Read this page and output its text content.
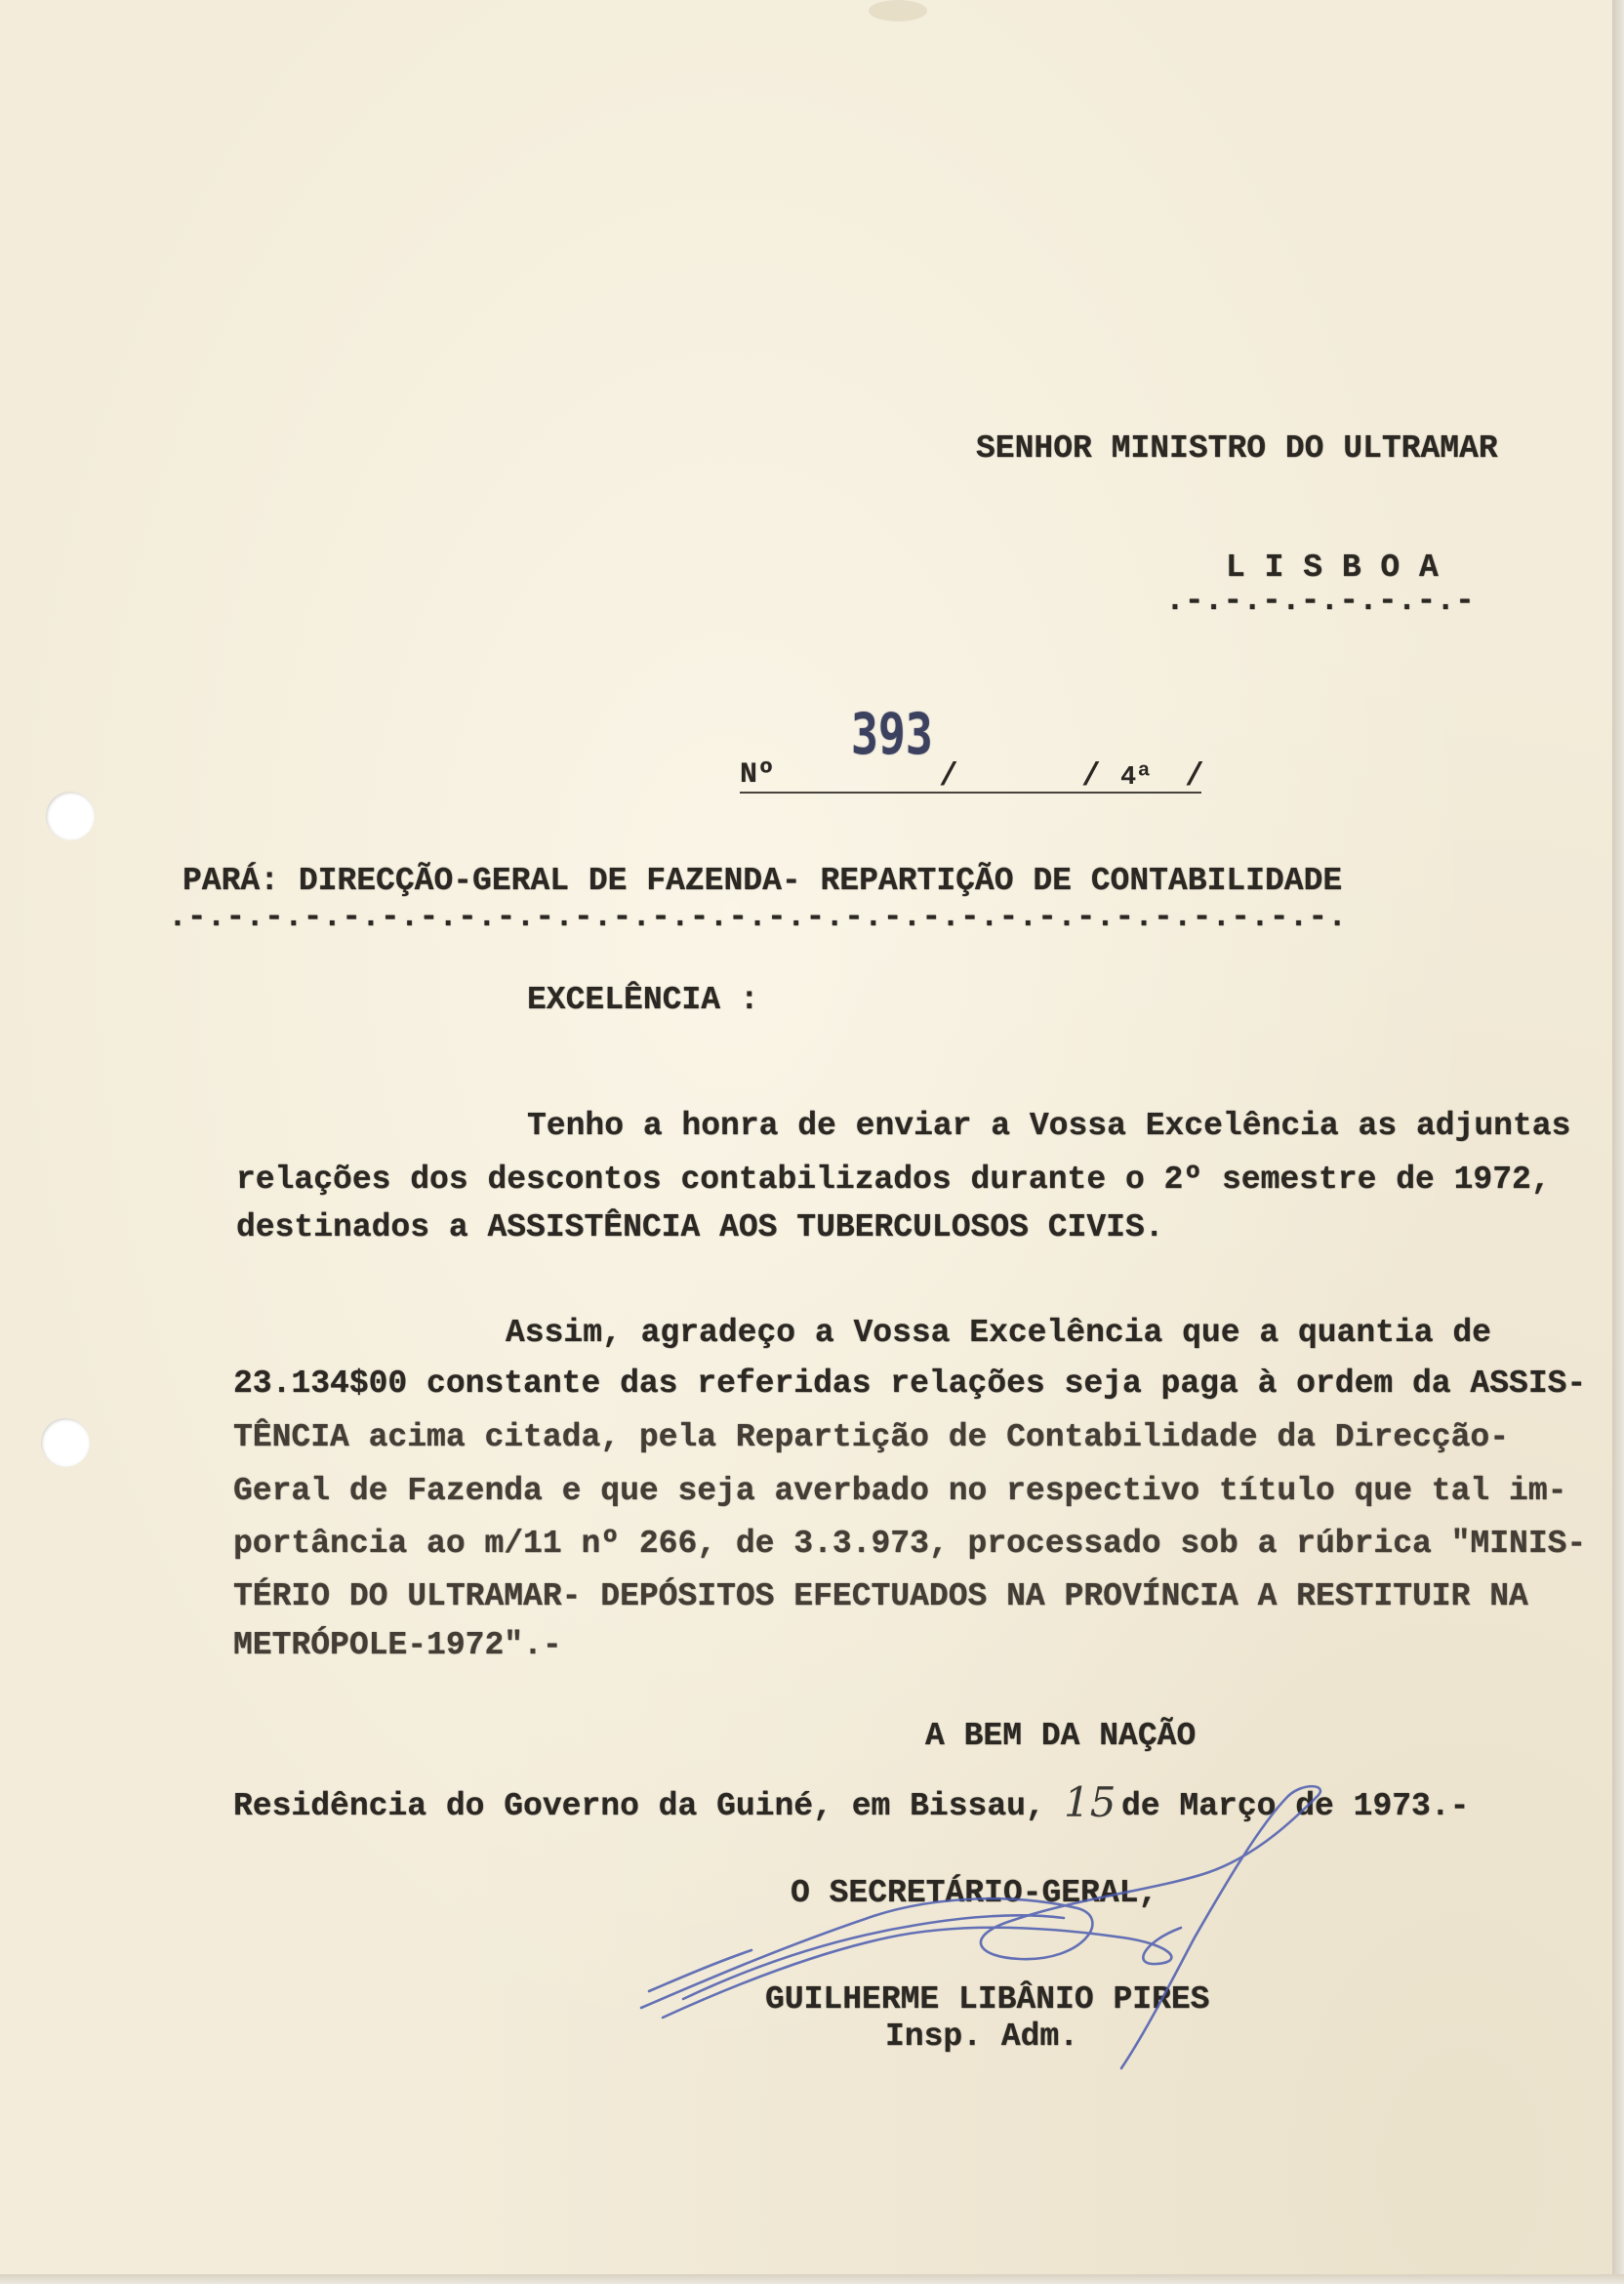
SENHOR MINISTRO DO ULTRAMAR
L I S B O A
.-.-.-.-.-.-.-.-
393
Nº	/	/ 4ª /
PARÁ: DIRECÇÃO-GERAL DE FAZENDA- REPARTIÇÃO DE CONTABILIDADE
.-.-.-.-.-.-.-.-.-.-.-.-.-.-.-.-.-.-.-.-.-.-.-.-.-.-.-.-.-.-.
EXCELÊNCIA :
Tenho a honra de enviar a Vossa Excelência as adjuntas
relações dos descontos contabilizados durante o 2º semestre de 1972,
destinados a ASSISTÊNCIA AOS TUBERCULOSOS CIVIS.
Assim, agradeço a Vossa Excelência que a quantia de
23.134$00 constante das referidas relações seja paga à ordem da ASSIS-
TÊNCIA acima citada, pela Repartição de Contabilidade da Direcção-
Geral de Fazenda e que seja averbado no respectivo título que tal im-
portância ao m/11 nº 266, de 3.3.973, processado sob a rúbrica "MINIS-
TÉRIO DO ULTRAMAR- DEPÓSITOS EFECTUADOS NA PROVÍNCIA A RESTITUIR NA
METRÓPOLE-1972".-
A BEM DA NAÇÃO
Residência do Governo da Guiné, em Bissau, 15 de Março de 1973.-
O SECRETÁRIO-GERAL,
GUILHERME LIBÂNIO PIRES
Insp. Adm.
